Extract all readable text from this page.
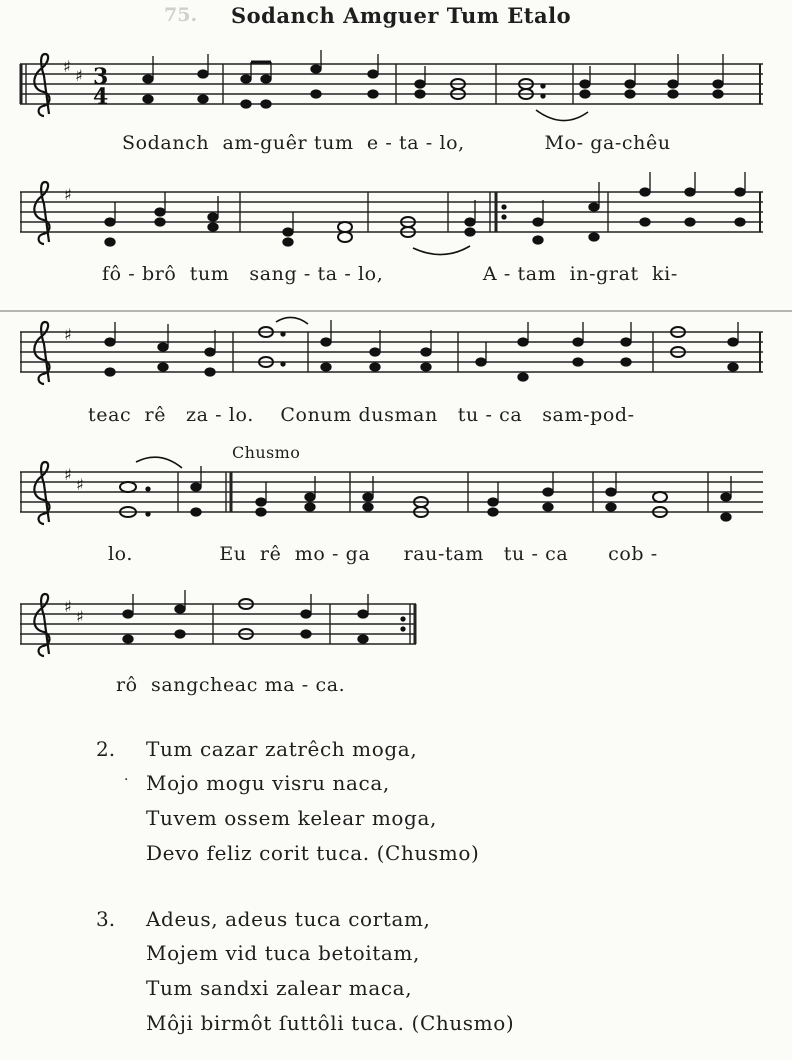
75. Sodanch Amguer Tum Etalo
♯ ♯ 3
4
Sodanch  am-guêr tum  e - ta - lo,            Mo- ga-chêu
♯
fô - brô  tum   sang - ta - lo,               A - tam  in-grat  ki-
♯
teac  rê   za - lo.    Conum dusman   tu - ca   sam-pod-
Chusmo
♯
♯
lo.             Eu  rê  mo - ga     rau-tam   tu - ca      cob -
♯
♯
rô  sangcheac ma - ca.
2.
·
Tum cazar zatrêch moga,
Mojo mogu visru naca,
Tuvem ossem kelear moga,
Devo feliz corit tuca. (Chusmo)
3. Adeus, adeus tuca cortam,
Mojem vid tuca betoitam,
Tum sandxi zalear maca,
Môji birmôt ſuttôli tuca. (Chusmo)
